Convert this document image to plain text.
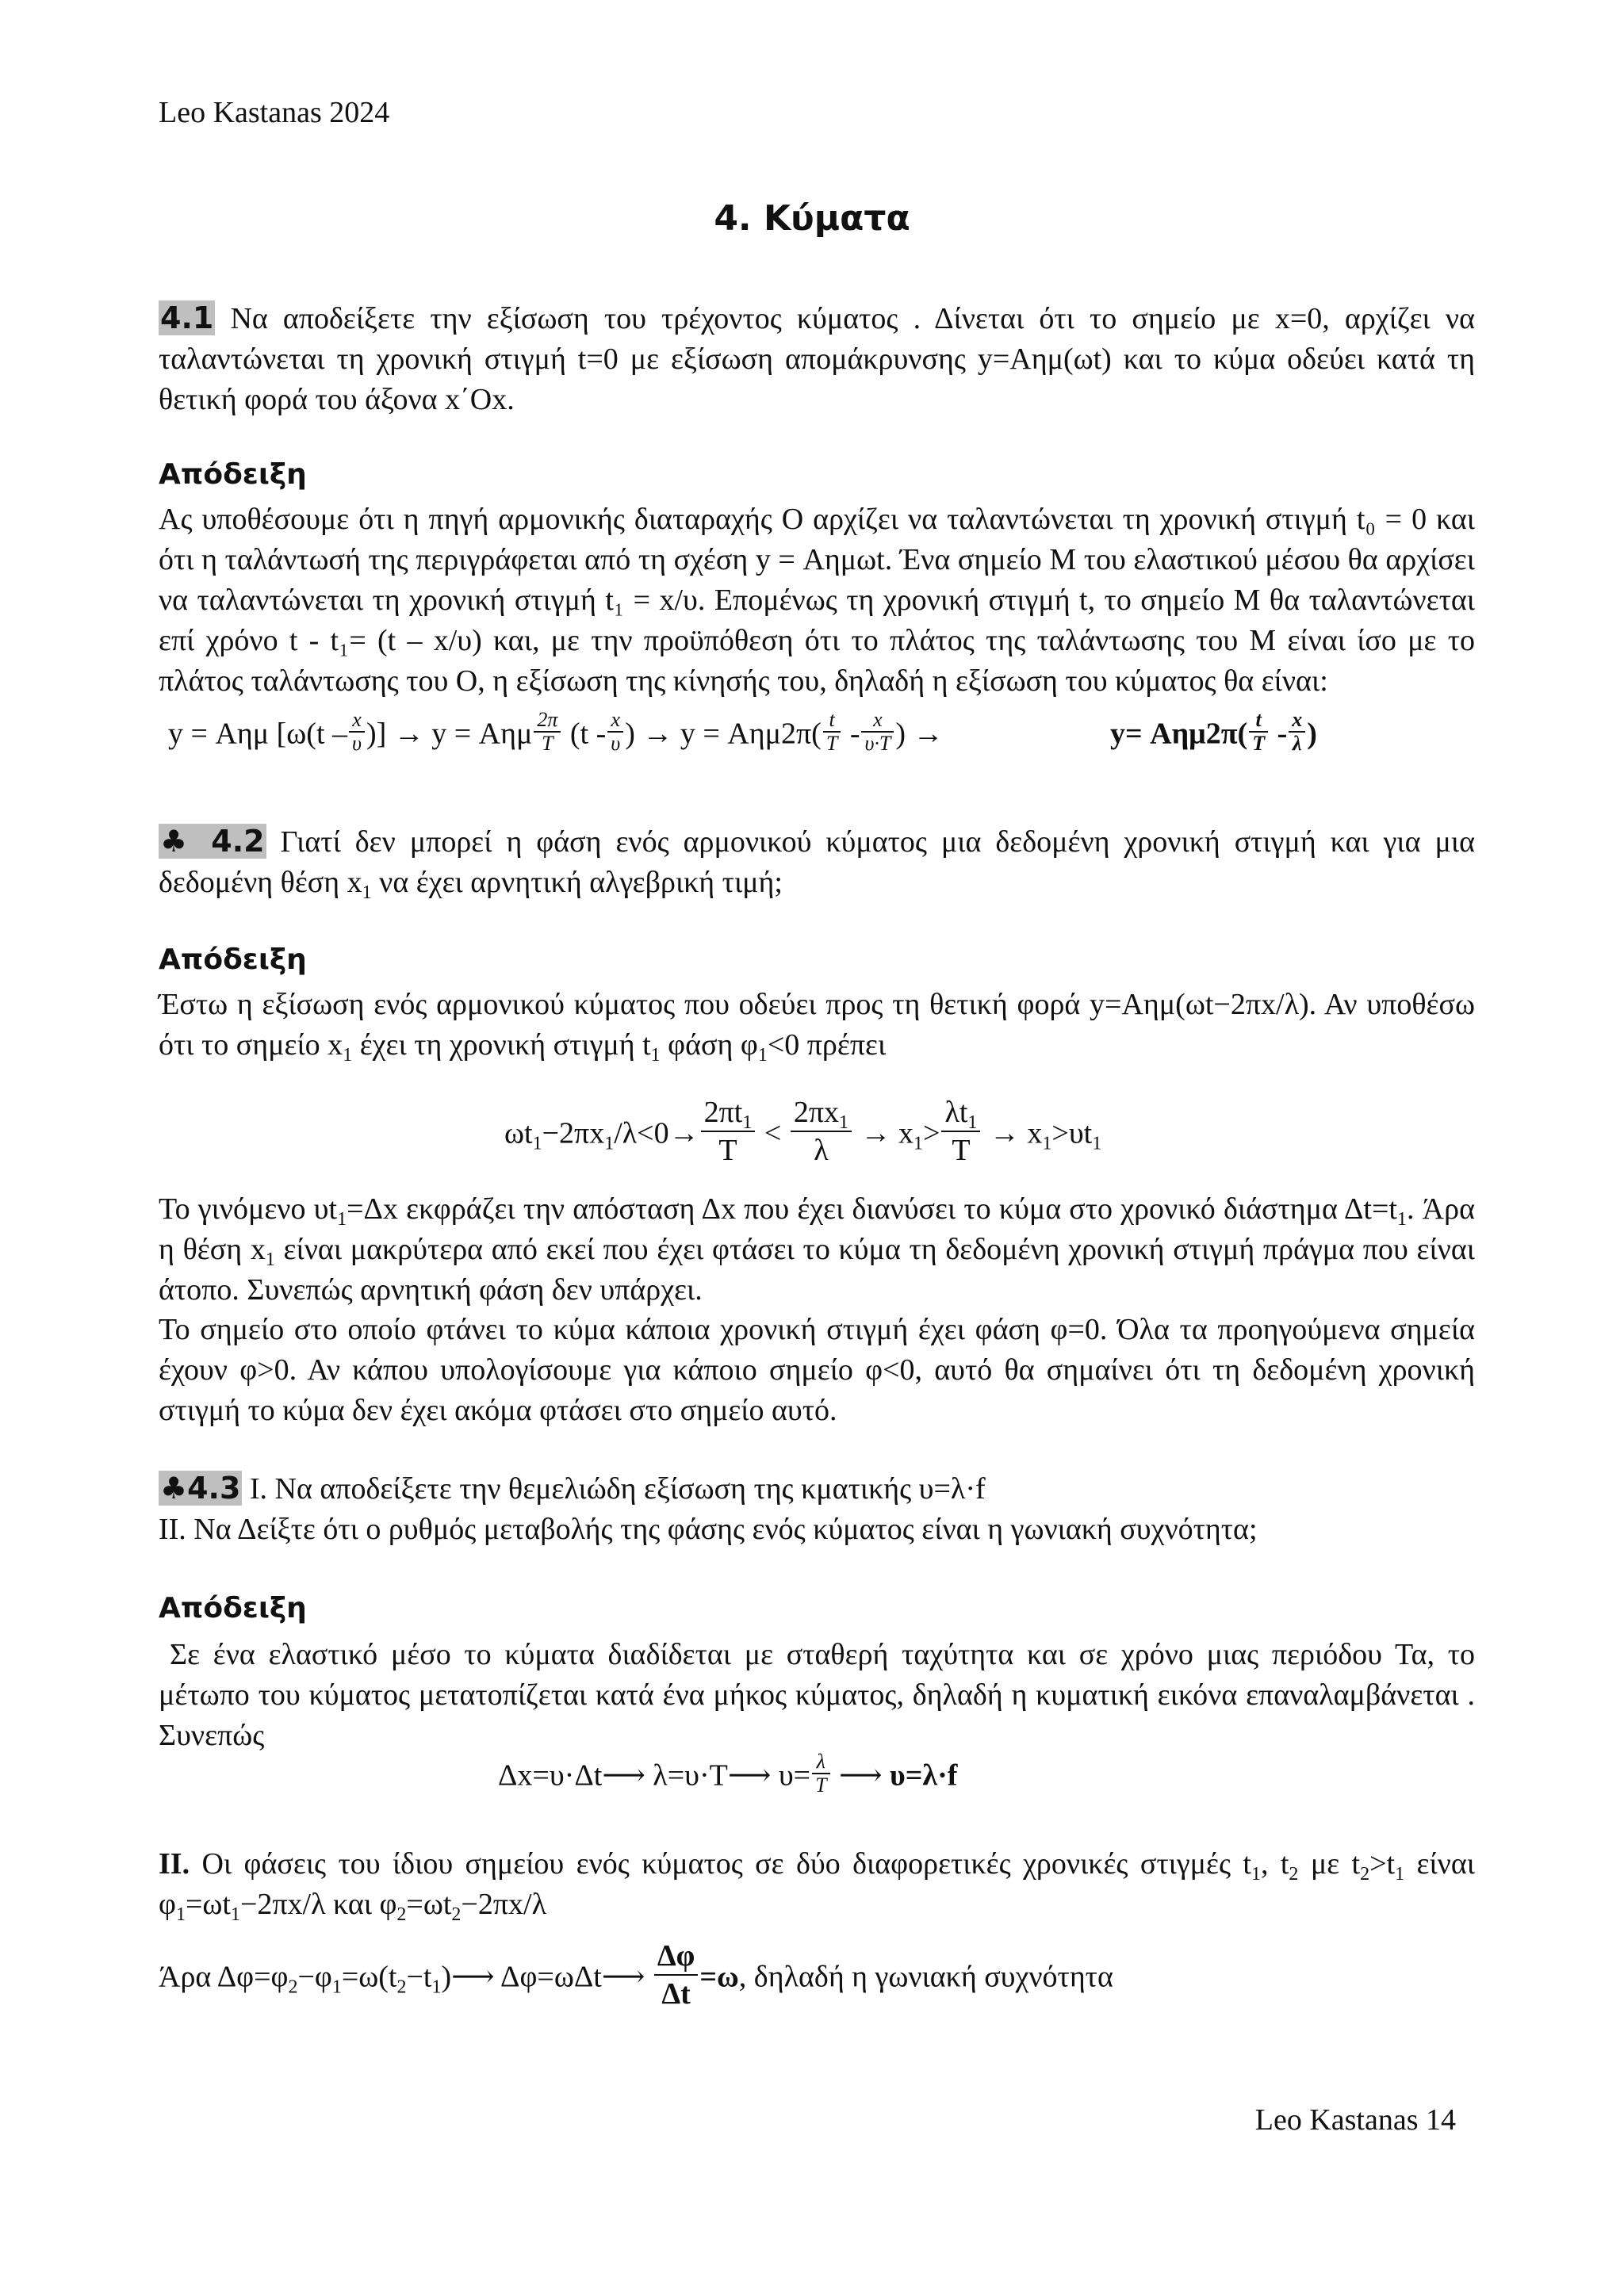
Leo Kastanas 2024
Leo Kastanas 14
4. Κύματα
4.1 Να αποδείξετε την εξίσωση του τρέχοντος κύματος . Δίνεται ότι το σημείο με x=0, αρχίζει να ταλαντώνεται τη χρονική στιγμή t=0 με εξίσωση απομάκρυνσης y=Αημ(ωt) και το κύμα οδεύει κατά τη θετική φορά του άξονα x΄Ox.
Απόδειξη
Ας υποθέσουμε ότι η πηγή αρμονικής διαταραχής Ο αρχίζει να ταλαντώνεται τη χρονική στιγμή t₀ = 0 και ότι η ταλάντωσή της περιγράφεται από τη σχέση y = Αημωt. Ένα σημείο Μ του ελαστικού μέσου θα αρχίσει να ταλαντώνεται τη χρονική στιγμή t₁ = x/υ. Επομένως τη χρονική στιγμή t, το σημείο Μ θα ταλαντώνεται επί χρόνο t - t₁= (t – x/υ) και, με την προϋπόθεση ότι το πλάτος της ταλάντωσης του Μ είναι ίσο με το πλάτος ταλάντωσης του Ο, η εξίσωση της κίνησής του, δηλαδή η εξίσωση του κύματος θα είναι:
y = Αημ [$\omega(t - \frac{x}{\upsilon}$ )] → y = Αημ $\frac{2\pi}{T} (t - \frac{x}{\upsilon}$ ) → $y = A\eta\mu 2\pi( \frac{t}{T} - \frac{x}{\upsilon\cdot T}$ ) →	$y= A\eta\mu 2\pi( \frac{t}{T} - \frac{x}{\lambda}$ )
♣ 4.2 Γιατί δεν μπορεί η φάση ενός αρμονικού κύματος μια δεδομένη χρονική στιγμή και για μια δεδομένη θέση $x_1$ να έχει αρνητική αλγεβρική τιμή;
Απόδειξη
Έστω η εξίσωση ενός αρμονικού κύματος που οδεύει προς τη θετική φορά y=Αημ(ωt−2πx/λ). Αν υποθέσω ότι το σημείο $x_1$ έχει τη χρονική στιγμή $t_1$ φάση $\varphi_1<0$ πρέπει
$\omega t_1-2\pi x_1/\lambda<0\to \frac{2\pi t_1}{T} < \frac{2\pi x_1}{\lambda} \to x_1> \frac{\lambda t_1}{T} \to x_1>\upsilon t_1$
Το γινόμενο $\upsilon t_1=\Delta x$ εκφράζει την απόσταση Δx που έχει διανύσει το κύμα στο χρονικό διάστημα $\Delta t=t_1$. Άρα η θέση $x_1$ είναι μακρύτερα από εκεί που έχει φτάσει το κύμα τη δεδομένη χρονική στιγμή πράγμα που είναι άτοπο. Συνεπώς αρνητική φάση δεν υπάρχει.
Το σημείο στο οποίο φτάνει το κύμα κάποια χρονική στιγμή έχει φάση φ=0. Όλα τα προηγούμενα σημεία έχουν φ>0. Αν κάπου υπολογίσουμε για κάποιο σημείο φ<0, αυτό θα σημαίνει ότι τη δεδομένη χρονική στιγμή το κύμα δεν έχει ακόμα φτάσει στο σημείο αυτό.
♣4.3 Ι. Να αποδείξετε την θεμελιώδη εξίσωση της κματικής υ=λ·f
ΙΙ. Να Δείξτε ότι ο ρυθμός μεταβολής της φάσης ενός κύματος είναι η γωνιακή συχνότητα;
Απόδειξη
Σε ένα ελαστικό μέσο το κύματα διαδίδεται με σταθερή ταχύτητα και σε χρόνο μιας περιόδου Τα, το μέτωπο του κύματος μετατοπίζεται κατά ένα μήκος κύματος, δηλαδή η κυματική εικόνα επαναλαμβάνεται . Συνεπώς
Δx=υ·Δt⟶ λ=υ·Τ⟶ $\upsilon= \frac{\lambda}{T}$ ⟶ υ=λ·f
ΙΙ. Οι φάσεις του ίδιου σημείου ενός κύματος σε δύο διαφορετικές χρονικές στιγμές $t_1$, $t_2$ με $t_2>t_1$ είναι $\varphi_1=\omega t_1-2\pi x/\lambda$ και $\varphi_2=\omega t_2-2\pi x/\lambda$
Άρα $\Delta\varphi=\varphi_2-\varphi_1=\omega(t_2-t_1)⟶$ Δφ=ωΔt⟶ $\frac{\Delta\varphi}{\Delta t} =\omega$, δηλαδή η γωνιακή συχνότητα
